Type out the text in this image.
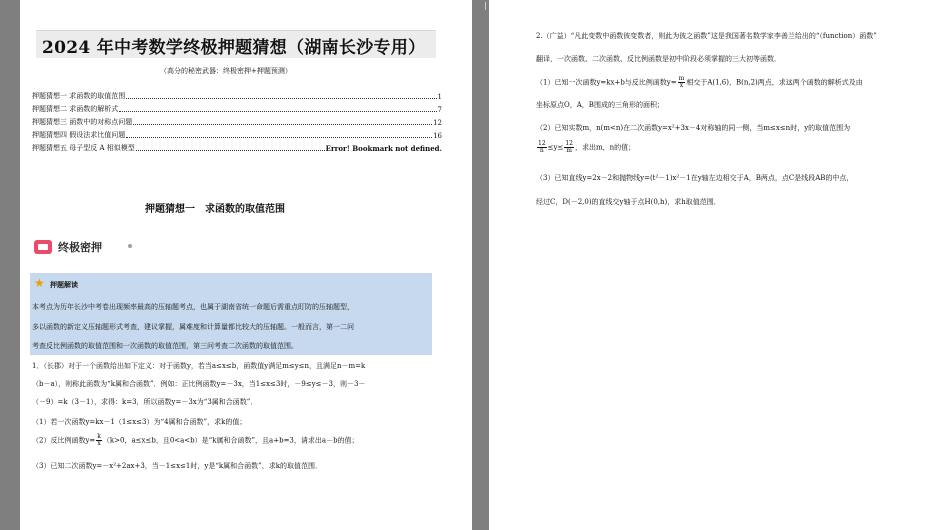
2024 年中考数学终极押题猜想（湖南长沙专用）
（高分的秘密武器：终极密押+押题预测）
押题猜想一 求函数的取值范围	1
押题猜想二 求函数的解析式	7
押题猜想三 函数中的对称点问题	12
押题猜想四 假设法求比值问题	16
押题猜想五 母子型反 A 相似模型	Error! Bookmark not defined.
押题猜想一　求函数的取值范围
终极密押
★ 押题解读
本考点为历年长沙中考卷出现频率最高的压轴题考点，也属于湖南省统一命题后需重点盯防的压轴题型，
多以函数的新定义压轴题形式考查，建议掌握，属难度和计算量都比较大的压轴题。一般而言，第一二问
考查反比例函数的取值范围和一次函数的取值范围，第三问考查二次函数的取值范围。
1．（长郡）对于一个函数给出如下定义：对于函数y，若当a≤x≤b，函数值y满足m≤y≤n，且满足n－m=k
（b－a），则称此函数为“k属和合函数”．例如：正比例函数y=－3x，当1≤x≤3时，－9≤y≤－3，则－3－
（－9）=k（3－1），求得：k=3，所以函数y=－3x为“3属和合函数”．
（1）若一次函数y=kx－1（1≤x≤3）为“4属和合函数”，求k的值；
（2）反比例函数$y= \frac{k}{x} (k>0$，a≤x≤b，且0<a<b）是“k属和合函数”，且a+b=3，请求出a－b的值；
（3）已知二次函数y=－x²+2ax+3，当－1≤x≤1时，y是“k属和合函数”，求k的取值范围．
2.（广益）“凡此变数中函数彼变数者，则此为彼之函数”这是我国著名数学家李善兰给出的“（function）函数”
翻译，一次函数、二次函数、反比例函数是初中阶段必须掌握的三大初等函数．
（1）已知一次函数y=kx+b与反比例函数$y= \frac{m}{x}$ 相交于A(1,6)，B(n,2)两点，求这两个函数的解析式及由
坐标原点O，A，B围成的三角形的面积；
（2）已知实数m，n(m<n)在二次函数y=x²+3x－4对称轴的同一侧，当m≤x≤n时，y的取值范围为
$\frac{12}{n} \le y\le \frac{12}{m}$ ，求出m，n的值；
（3）已知直线y=2x－2和抛物线y=(t²－1)x²－1在y轴左边相交于A，B两点，点C是线段AB的中点，
经过C，D(－2,0)的直线交y轴于点H(0,h)，求h取值范围．
